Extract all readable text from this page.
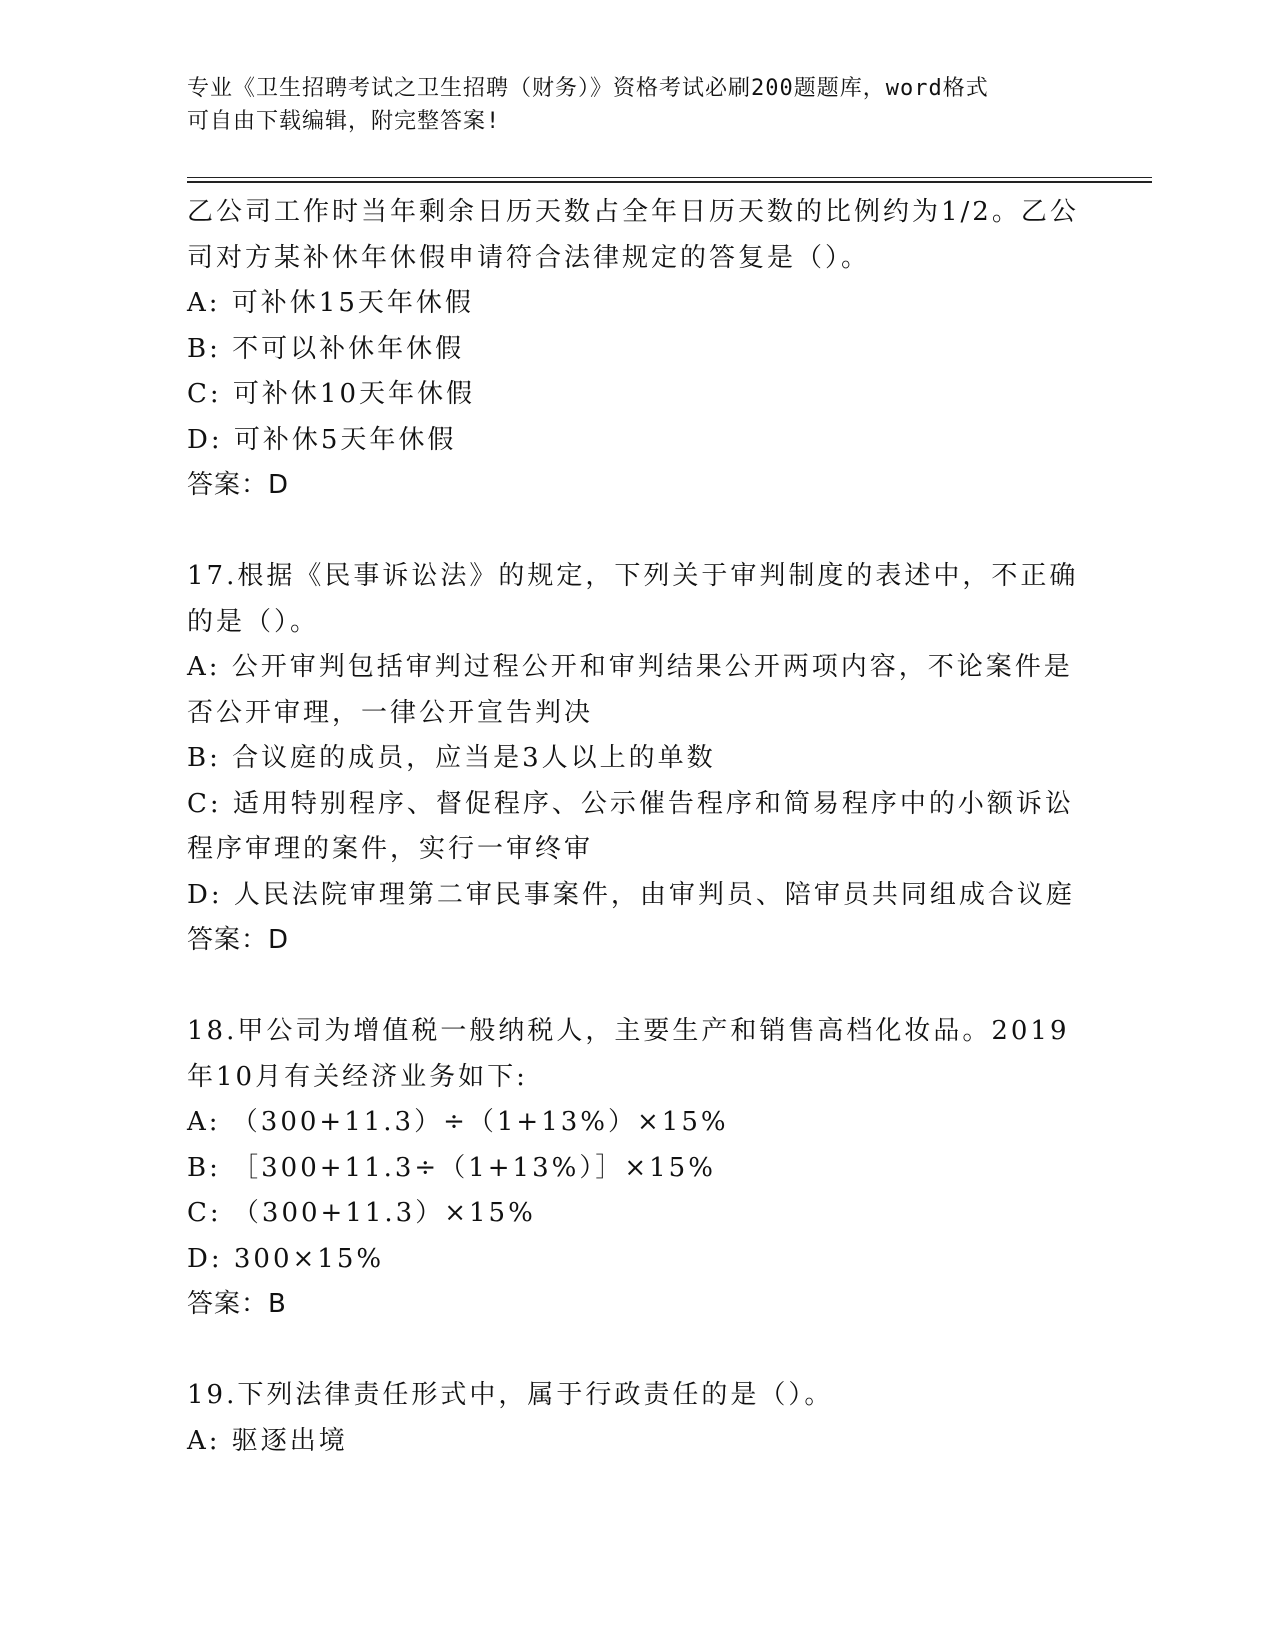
专业《卫生招聘考试之卫生招聘（财务）》资格考试必刷200题题库，word格式
可自由下载编辑，附完整答案!
乙公司工作时当年剩余日历天数占全年日历天数的比例约为1/2。乙公
司对方某补休年休假申请符合法律规定的答复是（）。
A: 可补休15天年休假
B: 不可以补休年休假
C: 可补休10天年休假
D: 可补休5天年休假
答案：D
17.根据《民事诉讼法》的规定，下列关于审判制度的表述中，不正确
的是（）。
A: 公开审判包括审判过程公开和审判结果公开两项内容，不论案件是
否公开审理，一律公开宣告判决
B: 合议庭的成员，应当是3人以上的单数
C: 适用特别程序、督促程序、公示催告程序和简易程序中的小额诉讼
程序审理的案件，实行一审终审
D: 人民法院审理第二审民事案件，由审判员、陪审员共同组成合议庭
答案：D
18.甲公司为增值税一般纳税人，主要生产和销售高档化妆品。2019
年10月有关经济业务如下:
A: （300+11.3）÷（1+13%）×15%
B: ［300+11.3÷（1+13%）］×15%
C: （300+11.3）×15%
D: 300×15%
答案：B
19.下列法律责任形式中，属于行政责任的是（）。
A: 驱逐出境
